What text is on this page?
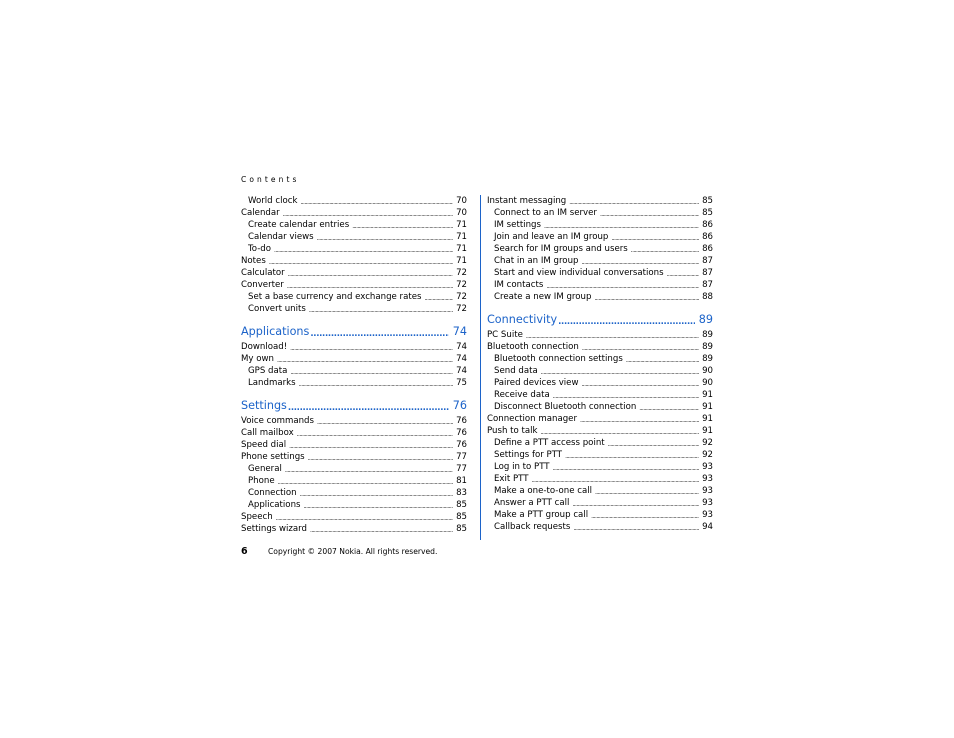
Contents
World clock .....	70
Calendar .....	70
Create calendar entries .....	71
Calendar views .....	71
To-do .....	71
Notes .....	71
Calculator .....	72
Converter .....	72
Set a base currency and exchange rates .....	72
Convert units .....	72
Applications .....	74
Download! .....	74
My own .....	74
GPS data .....	74
Landmarks .....	75
Settings .....	76
Voice commands .....	76
Call mailbox .....	76
Speed dial .....	76
Phone settings .....	77
General .....	77
Phone .....	81
Connection .....	83
Applications .....	85
Speech .....	85
Settings wizard .....	85
Instant messaging .....	85
Connect to an IM server .....	85
IM settings .....	86
Join and leave an IM group .....	86
Search for IM groups and users .....	86
Chat in an IM group .....	87
Start and view individual conversations .....	87
IM contacts .....	87
Create a new IM group .....	88
Connectivity .....	89
PC Suite .....	89
Bluetooth connection .....	89
Bluetooth connection settings .....	89
Send data .....	90
Paired devices view .....	90
Receive data .....	91
Disconnect Bluetooth connection .....	91
Connection manager .....	91
Push to talk .....	91
Define a PTT access point .....	92
Settings for PTT .....	92
Log in to PTT .....	93
Exit PTT .....	93
Make a one-to-one call .....	93
Answer a PTT call .....	93
Make a PTT group call .....	93
Callback requests .....	94
6	Copyright © 2007 Nokia. All rights reserved.
